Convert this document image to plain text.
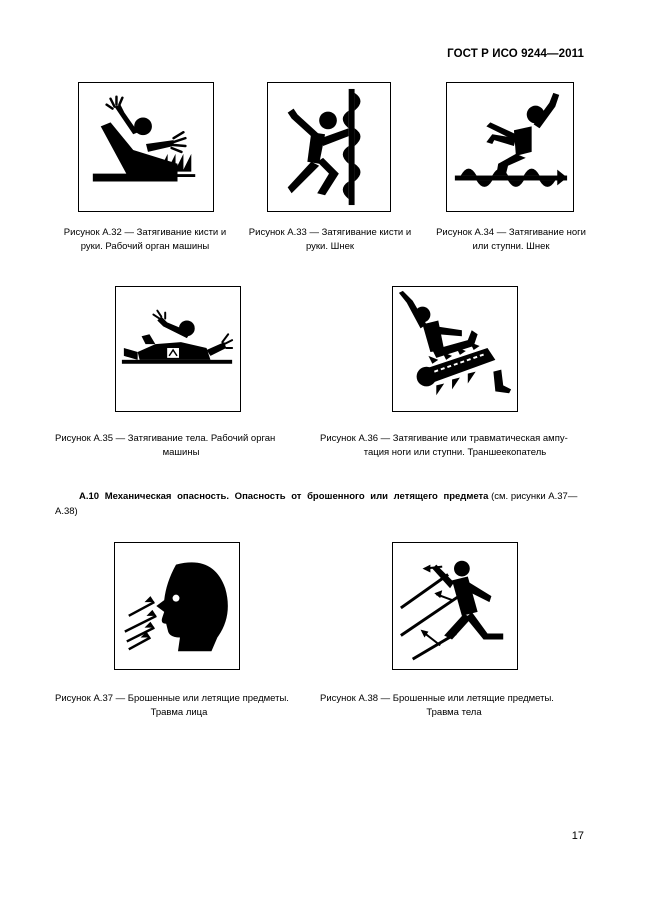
ГОСТ Р ИСО 9244—2011
Рисунок А.32 — Затягивание кисти и
руки. Рабочий орган машины
Рисунок А.33 — Затягивание кисти и
руки. Шнек
Рисунок А.34 — Затягивание ноги
или ступни. Шнек
Рисунок А.35 — Затягивание тела. Рабочий орган
машины
Рисунок А.36 — Затягивание или травматическая ампу-
тация ноги или ступни. Траншеекопатель
А.10 Механическая опасность. Опасность от брошенного или летящего предмета (см. рисунки А.37—А.38)
Рисунок А.37 — Брошенные или летящие предметы.
Травма лица
Рисунок А.38 — Брошенные или летящие предметы.
Травма тела
17
